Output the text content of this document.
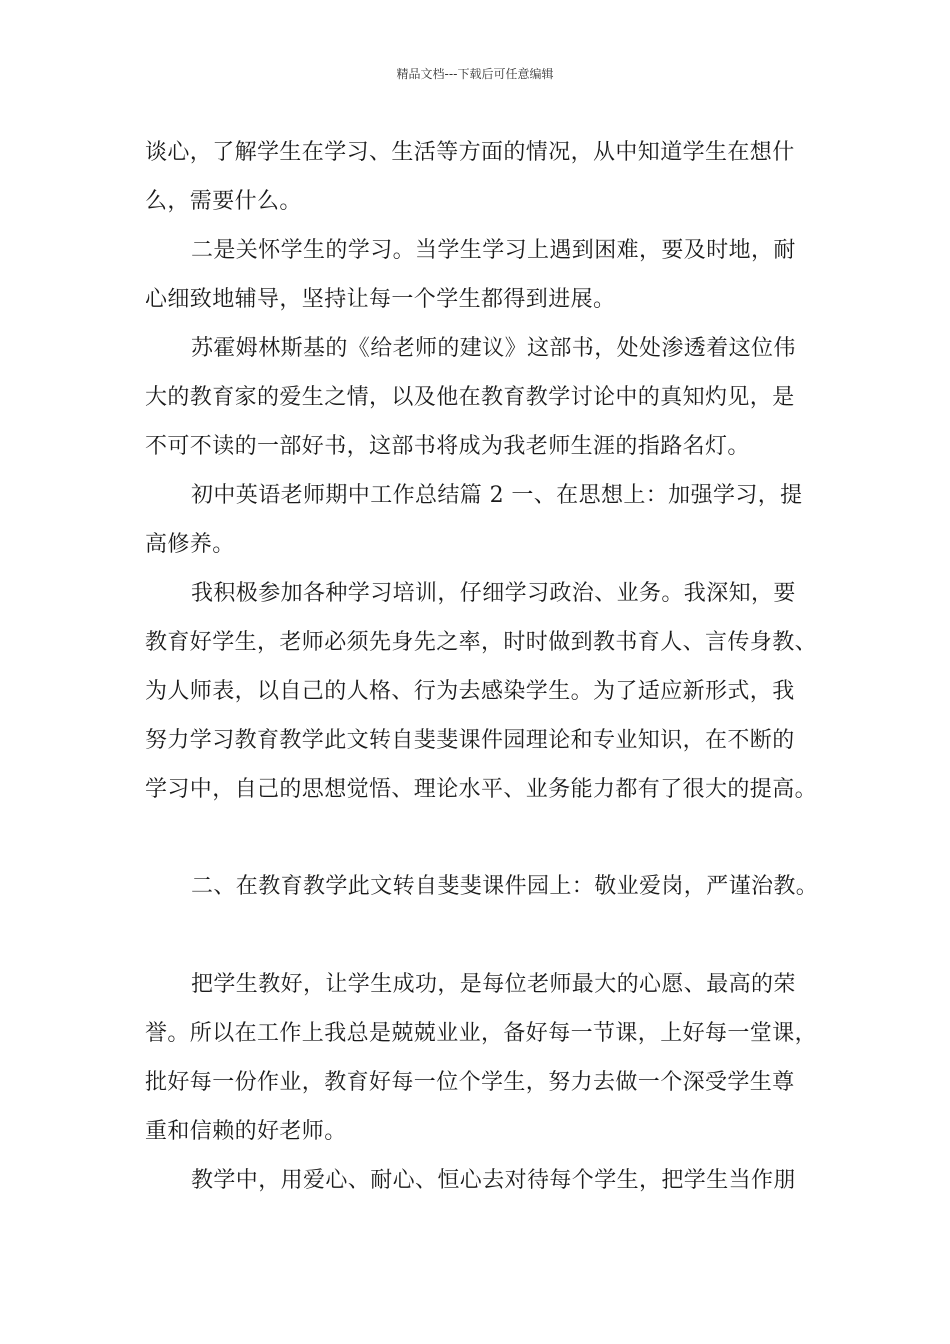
精品文档---下载后可任意编辑
谈心，了解学生在学习、生活等方面的情况，从中知道学生在想什
么，需要什么。
二是关怀学生的学习。当学生学习上遇到困难，要及时地，耐
心细致地辅导，坚持让每一个学生都得到进展。
苏霍姆林斯基的《给老师的建议》这部书，处处渗透着这位伟
大的教育家的爱生之情，以及他在教育教学讨论中的真知灼见，是
不可不读的一部好书，这部书将成为我老师生涯的指路名灯。
初中英语老师期中工作总结篇 2 一、在思想上：加强学习，提
高修养。
我积极参加各种学习培训，仔细学习政治、业务。我深知，要
教育好学生，老师必须先身先之率，时时做到教书育人、言传身教、
为人师表，以自己的人格、行为去感染学生。为了适应新形式，我
努力学习教育教学此文转自斐斐课件园理论和专业知识，在不断的
学习中，自己的思想觉悟、理论水平、业务能力都有了很大的提高。
二、在教育教学此文转自斐斐课件园上：敬业爱岗，严谨治教。
把学生教好，让学生成功，是每位老师最大的心愿、最高的荣
誉。所以在工作上我总是兢兢业业，备好每一节课，上好每一堂课，
批好每一份作业，教育好每一位个学生，努力去做一个深受学生尊
重和信赖的好老师。
教学中，用爱心、耐心、恒心去对待每个学生，把学生当作朋
